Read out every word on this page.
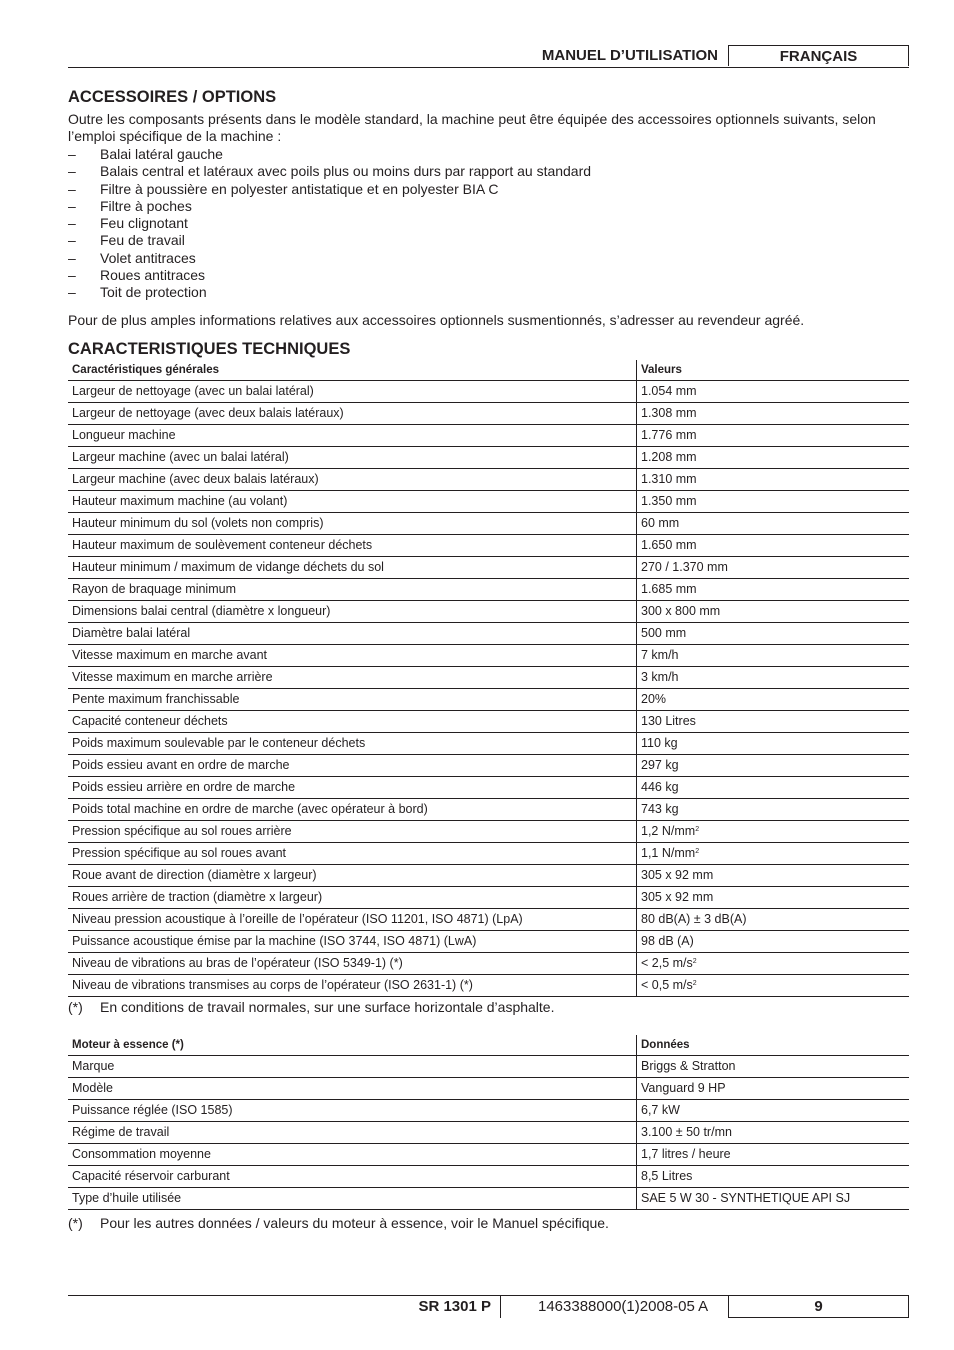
MANUEL D’UTILISATION	FRANÇAIS
ACCESSOIRES / OPTIONS

Outre les composants présents dans le modèle standard, la machine peut être équipée des accessoires optionnels suivants, selon l’emploi spécifique de la machine :

– Balai latéral gauche
– Balais central et latéraux avec poils plus ou moins durs par rapport au standard
– Filtre à poussière en polyester antistatique et en polyester BIA C
– Filtre à poches
– Feu clignotant
– Feu de travail
– Volet antitraces
– Roues antitraces
– Toit de protection

Pour de plus amples informations relatives aux accessoires optionnels susmentionnés, s’adresser au revendeur agréé.

CARACTERISTIQUES TECHNIQUES
Caractéristiques générales	Valeurs
Largeur de nettoyage (avec un balai latéral)	1.054 mm
Largeur de nettoyage (avec deux balais latéraux)	1.308 mm
Longueur machine	1.776 mm
Largeur machine (avec un balai latéral)	1.208 mm
Largeur machine (avec deux balais latéraux)	1.310 mm
Hauteur maximum machine (au volant)	1.350 mm
Hauteur minimum du sol (volets non compris)	60 mm
Hauteur maximum de soulèvement conteneur déchets	1.650 mm
Hauteur minimum / maximum de vidange déchets du sol	270 / 1.370 mm
Rayon de braquage minimum	1.685 mm
Dimensions balai central (diamètre x longueur)	300 x 800 mm
Diamètre balai latéral	500 mm
Vitesse maximum en marche avant	7 km/h
Vitesse maximum en marche arrière	3 km/h
Pente maximum franchissable	20%
Capacité conteneur déchets	130 Litres
Poids maximum soulevable par le conteneur déchets	110 kg
Poids essieu avant en ordre de marche	297 kg
Poids essieu arrière en ordre de marche	446 kg
Poids total machine en ordre de marche (avec opérateur à bord)	743 kg
Pression spécifique au sol roues arrière	1,2 $N/mm^2$
Pression spécifique au sol roues avant	1,1 $N/mm^2$
Roue avant de direction (diamètre x largeur)	305 x 92 mm
Roues arrière de traction (diamètre x largeur)	305 x 92 mm
Niveau pression acoustique à l’oreille de l’opérateur (ISO 11201, ISO 4871) (LpA)	80 dB(A) ± 3 dB(A)
Puissance acoustique émise par la machine (ISO 3744, ISO 4871) (LwA)	98 dB (A)
Niveau de vibrations au bras de l’opérateur (ISO 5349-1) (*)	< 2,5 $m/s^2$
Niveau de vibrations transmises au corps de l’opérateur (ISO 2631-1) (*)	< 0,5 $m/s^2$
(*) En conditions de travail normales, sur une surface horizontale d’asphalte.
Moteur à essence (*)	Données
Marque	Briggs & Stratton
Modèle	Vanguard 9 HP
Puissance réglée (ISO 1585)	6,7 kW
Régime de travail	3.100 ± 50 tr/mn
Consommation moyenne	1,7 litres / heure
Capacité réservoir carburant	8,5 Litres
Type d’huile utilisée	SAE 5 W 30 - SYNTHETIQUE API SJ
(*) Pour les autres données / valeurs du moteur à essence, voir le Manuel spécifique.
SR 1301 P	1463388000(1)2008-05 A	9
